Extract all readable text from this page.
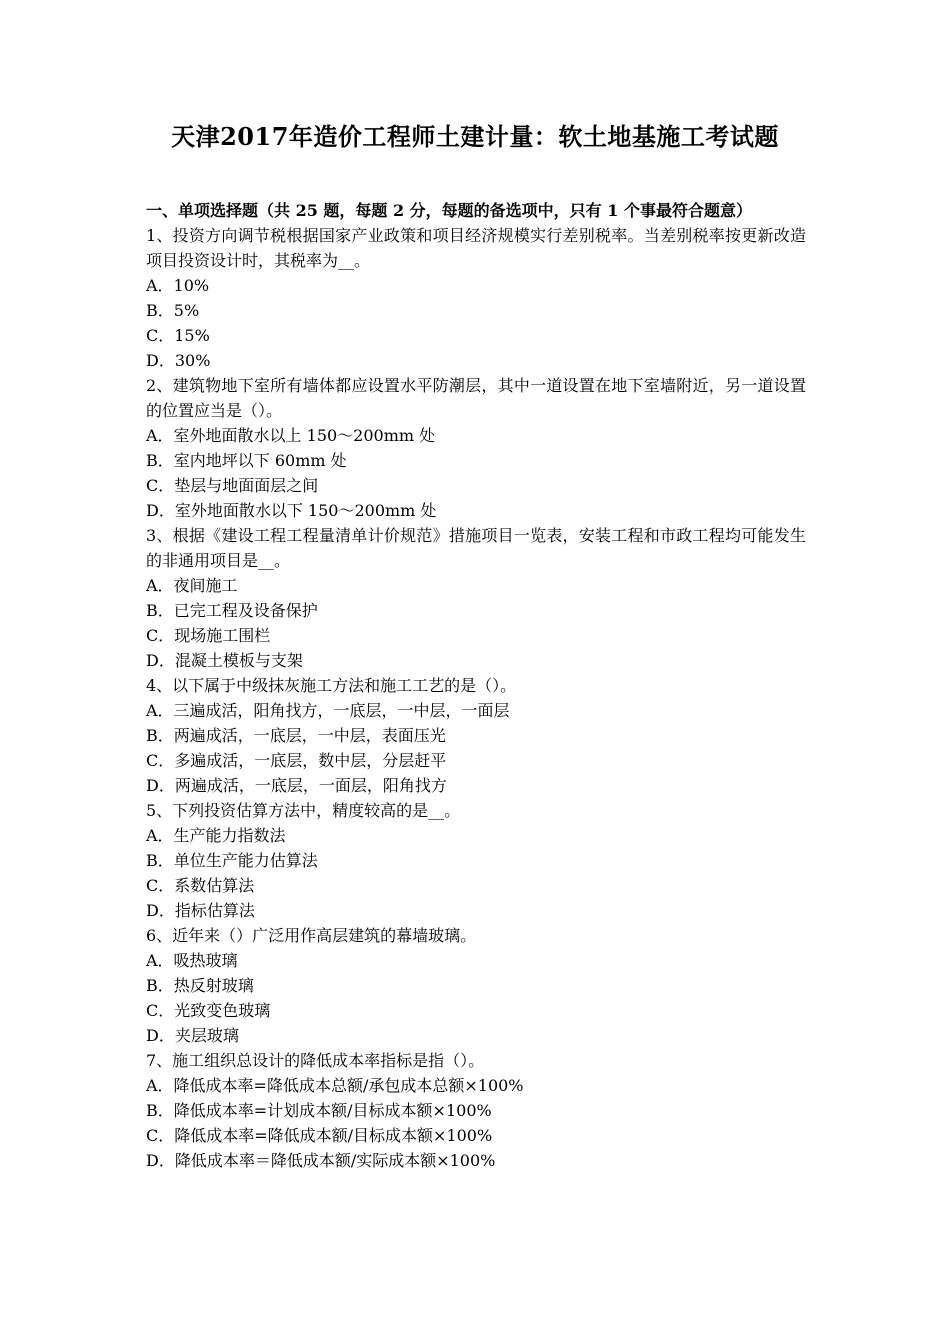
天津2017年造价工程师土建计量：软土地基施工考试题
一、单项选择题（共 25 题，每题 2 分，每题的备选项中，只有 1 个事最符合题意）
1、投资方向调节税根据国家产业政策和项目经济规模实行差别税率。当差别税率按更新改造项目投资设计时，其税率为__。
A．10%
B．5%
C．15%
D．30%
2、建筑物地下室所有墙体都应设置水平防潮层，其中一道设置在地下室墙附近，另一道设置的位置应当是（）。
A．室外地面散水以上 150～200mm 处
B．室内地坪以下 60mm 处
C．垫层与地面面层之间
D．室外地面散水以下 150～200mm 处
3、根据《建设工程工程量清单计价规范》措施项目一览表，安装工程和市政工程均可能发生的非通用项目是__。
A．夜间施工
B．已完工程及设备保护
C．现场施工围栏
D．混凝土模板与支架
4、以下属于中级抹灰施工方法和施工工艺的是（）。
A．三遍成活，阳角找方，一底层，一中层，一面层
B．两遍成活，一底层，一中层，表面压光
C．多遍成活，一底层，数中层，分层赶平
D．两遍成活，一底层，一面层，阳角找方
5、下列投资估算方法中，精度较高的是__。
A．生产能力指数法
B．单位生产能力估算法
C．系数估算法
D．指标估算法
6、近年来（）广泛用作高层建筑的幕墙玻璃。
A．吸热玻璃
B．热反射玻璃
C．光致变色玻璃
D．夹层玻璃
7、施工组织总设计的降低成本率指标是指（）。
A．降低成本率=降低成本总额/承包成本总额×100%
B．降低成本率=计划成本额/目标成本额×100%
C．降低成本率=降低成本额/目标成本额×100%
D．降低成本率＝降低成本额/实际成本额×100%
